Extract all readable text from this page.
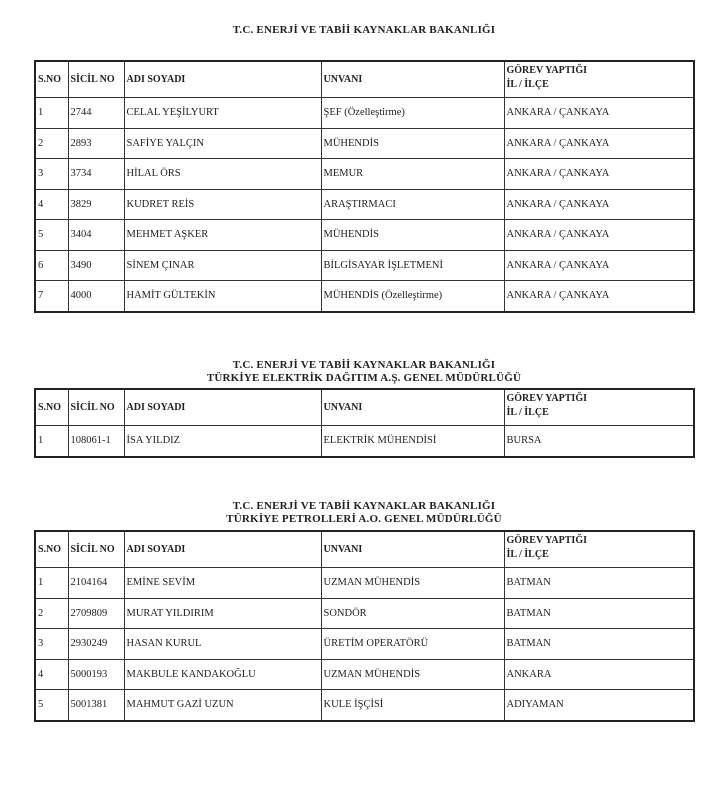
T.C. ENERJİ VE TABİİ KAYNAKLAR BAKANLIĞI
S.NO	SİCİL NO	ADI SOYADI	UNVANI	GÖREV YAPTIĞI
İL / İLÇE

1	2744	CELAL YEŞİLYURT	ŞEF (Özelleştirme)	ANKARA / ÇANKAYA
2	2893	SAFİYE YALÇIN	MÜHENDİS	ANKARA / ÇANKAYA
3	3734	HİLAL ÖRS	MEMUR	ANKARA / ÇANKAYA
4	3829	KUDRET REİS	ARAŞTIRMACI	ANKARA / ÇANKAYA
5	3404	MEHMET AŞKER	MÜHENDİS	ANKARA / ÇANKAYA
6	3490	SİNEM ÇINAR	BİLGİSAYAR İŞLETMENİ	ANKARA / ÇANKAYA
7	4000	HAMİT GÜLTEKİN	MÜHENDİS (Özelleştirme)	ANKARA / ÇANKAYA
T.C. ENERJİ VE TABİİ KAYNAKLAR BAKANLIĞI
TÜRKİYE ELEKTRİK DAĞITIM A.Ş. GENEL MÜDÜRLÜĞÜ
S.NO	SİCİL NO	ADI SOYADI	UNVANI	GÖREV YAPTIĞI
İL / İLÇE

1	108061-1	İSA YILDIZ	ELEKTRİK MÜHENDİSİ	BURSA
T.C. ENERJİ VE TABİİ KAYNAKLAR BAKANLIĞI
TÜRKİYE PETROLLERİ A.O. GENEL MÜDÜRLÜĞÜ
S.NO	SİCİL NO	ADI SOYADI	UNVANI	GÖREV YAPTIĞI
İL / İLÇE

1	2104164	EMİNE SEVİM	UZMAN MÜHENDİS	BATMAN
2	2709809	MURAT YILDIRIM	SONDÖR	BATMAN
3	2930249	HASAN KURUL	ÜRETİM OPERATÖRÜ	BATMAN
4	5000193	MAKBULE KANDAKOĞLU	UZMAN MÜHENDİS	ANKARA
5	5001381	MAHMUT GAZİ UZUN	KULE İŞÇİSİ	ADIYAMAN
